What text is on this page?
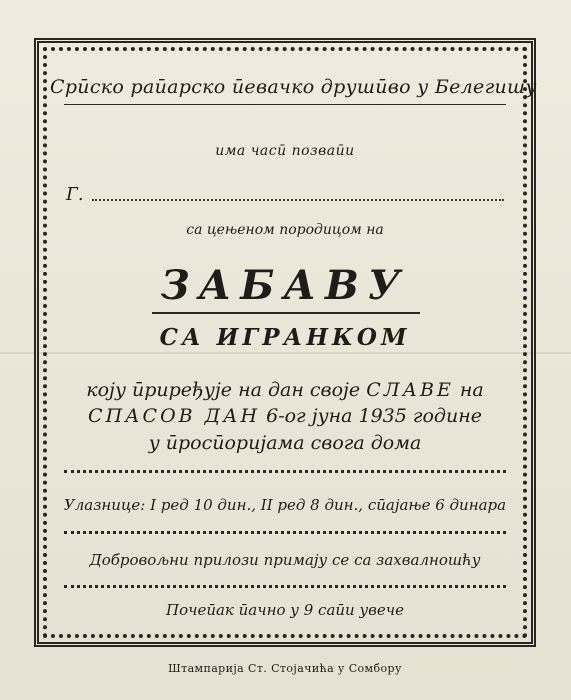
Срӣско раӣарско ӣевачко друшӣво у Белегишу
има часӣ позваӣи
Г.
са цењеном породицом на
ЗАБАВУ
СА ИГРАНКОМ
коју ӣриређује на дан своје СЛАВЕ на
СПАСОВ ДАН 6-ог јуна 1935 године
у ӣросӣоријама свога дома
Улазнице: I ред 10 дин., II ред 8 дин., сӣајање 6 динара
Добровољни прилози примају се са захвалношћу
Почеӣак ӣачно у 9 саӣи увече
Штампарија Ст. Стојачића у Сомбору
